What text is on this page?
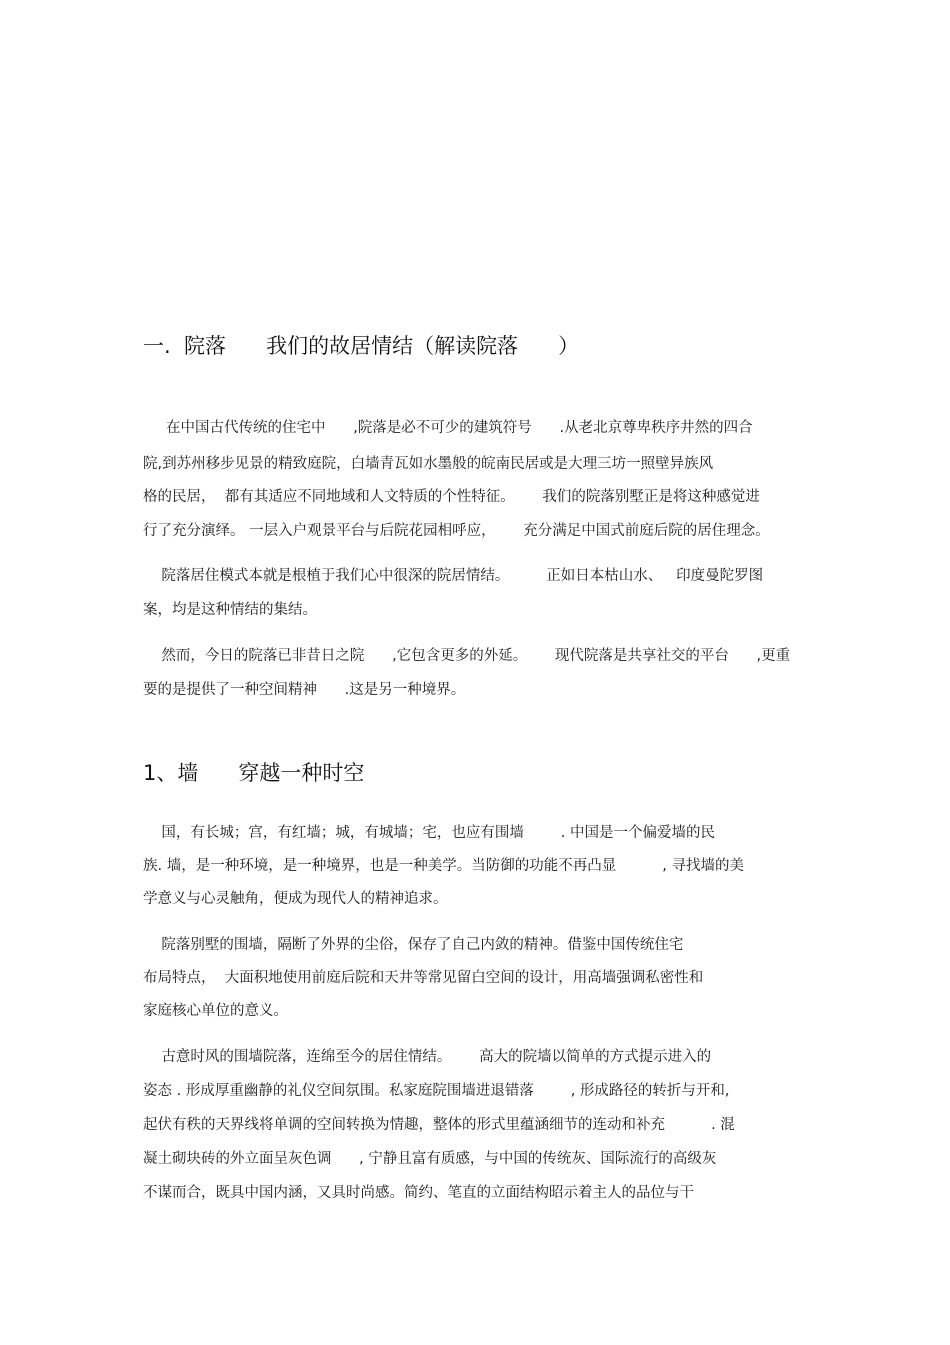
一.  院落      我们的故居情结（解读院落      ）
在中国古代传统的住宅中      ,院落是必不可少的建筑符号      .从老北京尊卑秩序井然的四合
院,到苏州移步见景的精致庭院，白墙青瓦如水墨般的皖南民居或是大理三坊一照壁异族风
格的民居，  都有其适应不同地域和人文特质的个性特征。      我们的院落别墅正是将这种感觉进
行了充分演绎。 一层入户观景平台与后院花园相呼应，      充分满足中国式前庭后院的居住理念。
院落居住模式本就是根植于我们心中很深的院居情结。        正如日本枯山水、   印度曼陀罗图
案，均是这种情结的集结。
然而，今日的院落已非昔日之院      ,它包含更多的外延。      现代院落是共享社交的平台      ,更重
要的是提供了一种空间精神      .这是另一种境界。
1、墙      穿越一种时空
国，有长城；宫，有红墙；城，有城墙；宅，也应有围墙        . 中国是一个偏爱墙的民
族. 墙，是一种环境，是一种境界，也是一种美学。当防御的功能不再凸显          , 寻找墙的美
学意义与心灵触角，便成为现代人的精神追求。
院落别墅的围墙，隔断了外界的尘俗，保存了自己内敛的精神。借鉴中国传统住宅
布局特点，  大面积地使用前庭后院和天井等常见留白空间的设计，用高墙强调私密性和
家庭核心单位的意义。
古意时风的围墙院落，连绵至今的居住情结。      高大的院墙以简单的方式提示进入的
姿态 . 形成厚重幽静的礼仪空间氛围。私家庭院围墙进退错落        , 形成路径的转折与开和,
起伏有秩的天界线将单调的空间转换为情趣，整体的形式里蕴涵细节的连动和补充          . 混
凝土砌块砖的外立面呈灰色调      , 宁静且富有质感，与中国的传统灰、国际流行的高级灰
不谋而合，既具中国内涵，又具时尚感。简约、笔直的立面结构昭示着主人的品位与干
